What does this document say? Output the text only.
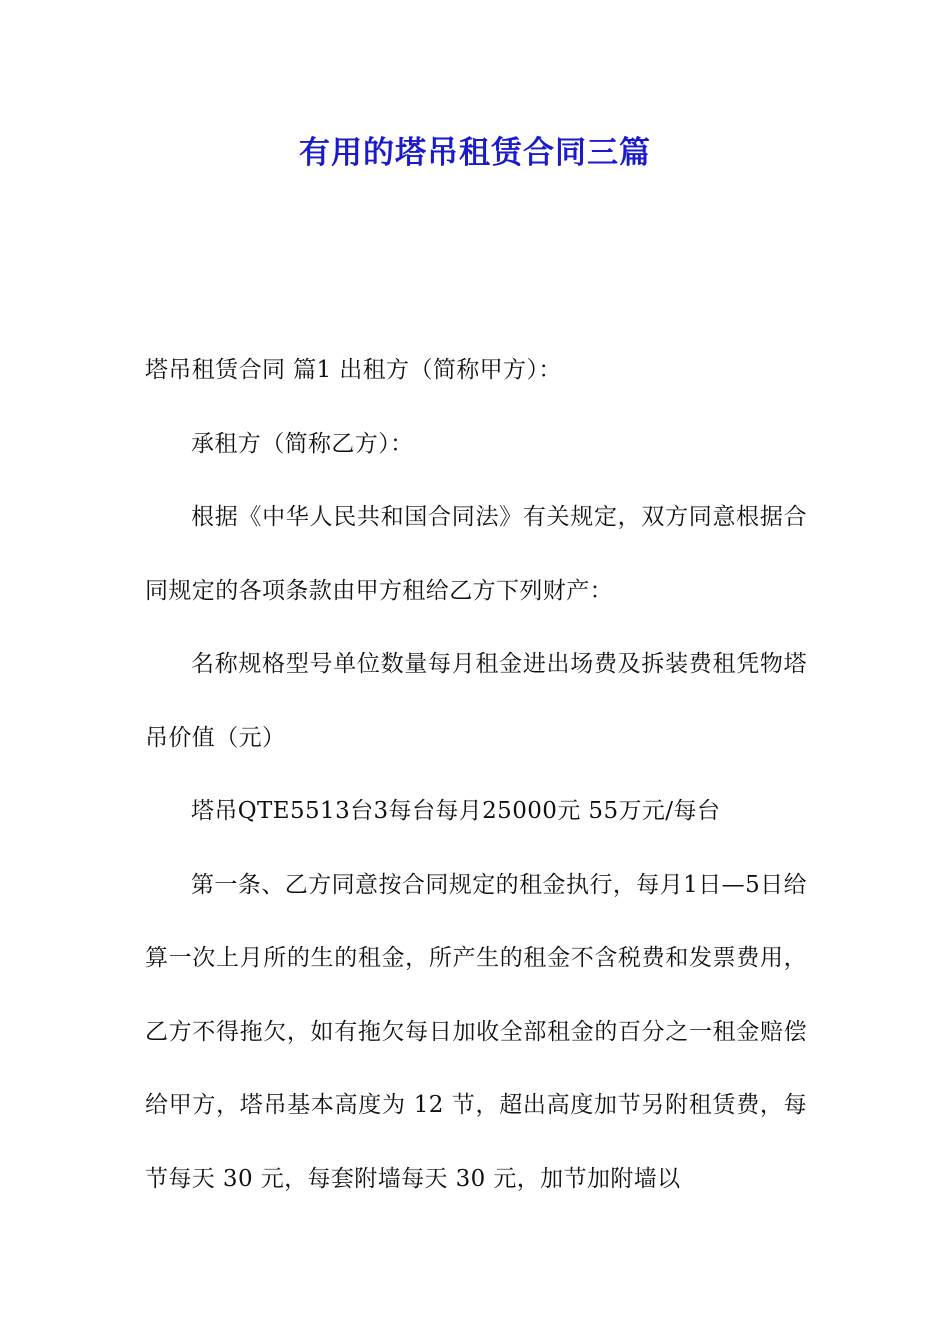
有用的塔吊租赁合同三篇

塔吊租赁合同 篇1 出租方（简称甲方）：

承租方（简称乙方）：

根据《中华人民共和国合同法》有关规定，双方同意根据合同规定的各项条款由甲方租给乙方下列财产：

名称规格型号单位数量每月租金进出场费及拆装费租凭物塔吊价值（元）

塔吊QTE5513台3每台每月25000元 55万元/每台

第一条、乙方同意按合同规定的租金执行，每月1日—5日给算一次上月所的生的租金，所产生的租金不含税费和发票费用，乙方不得拖欠，如有拖欠每日加收全部租金的百分之一租金赔偿给甲方，塔吊基本高度为 12 节，超出高度加节另附租赁费，每节每天 30 元，每套附墙每天 30 元，加节加附墙以
